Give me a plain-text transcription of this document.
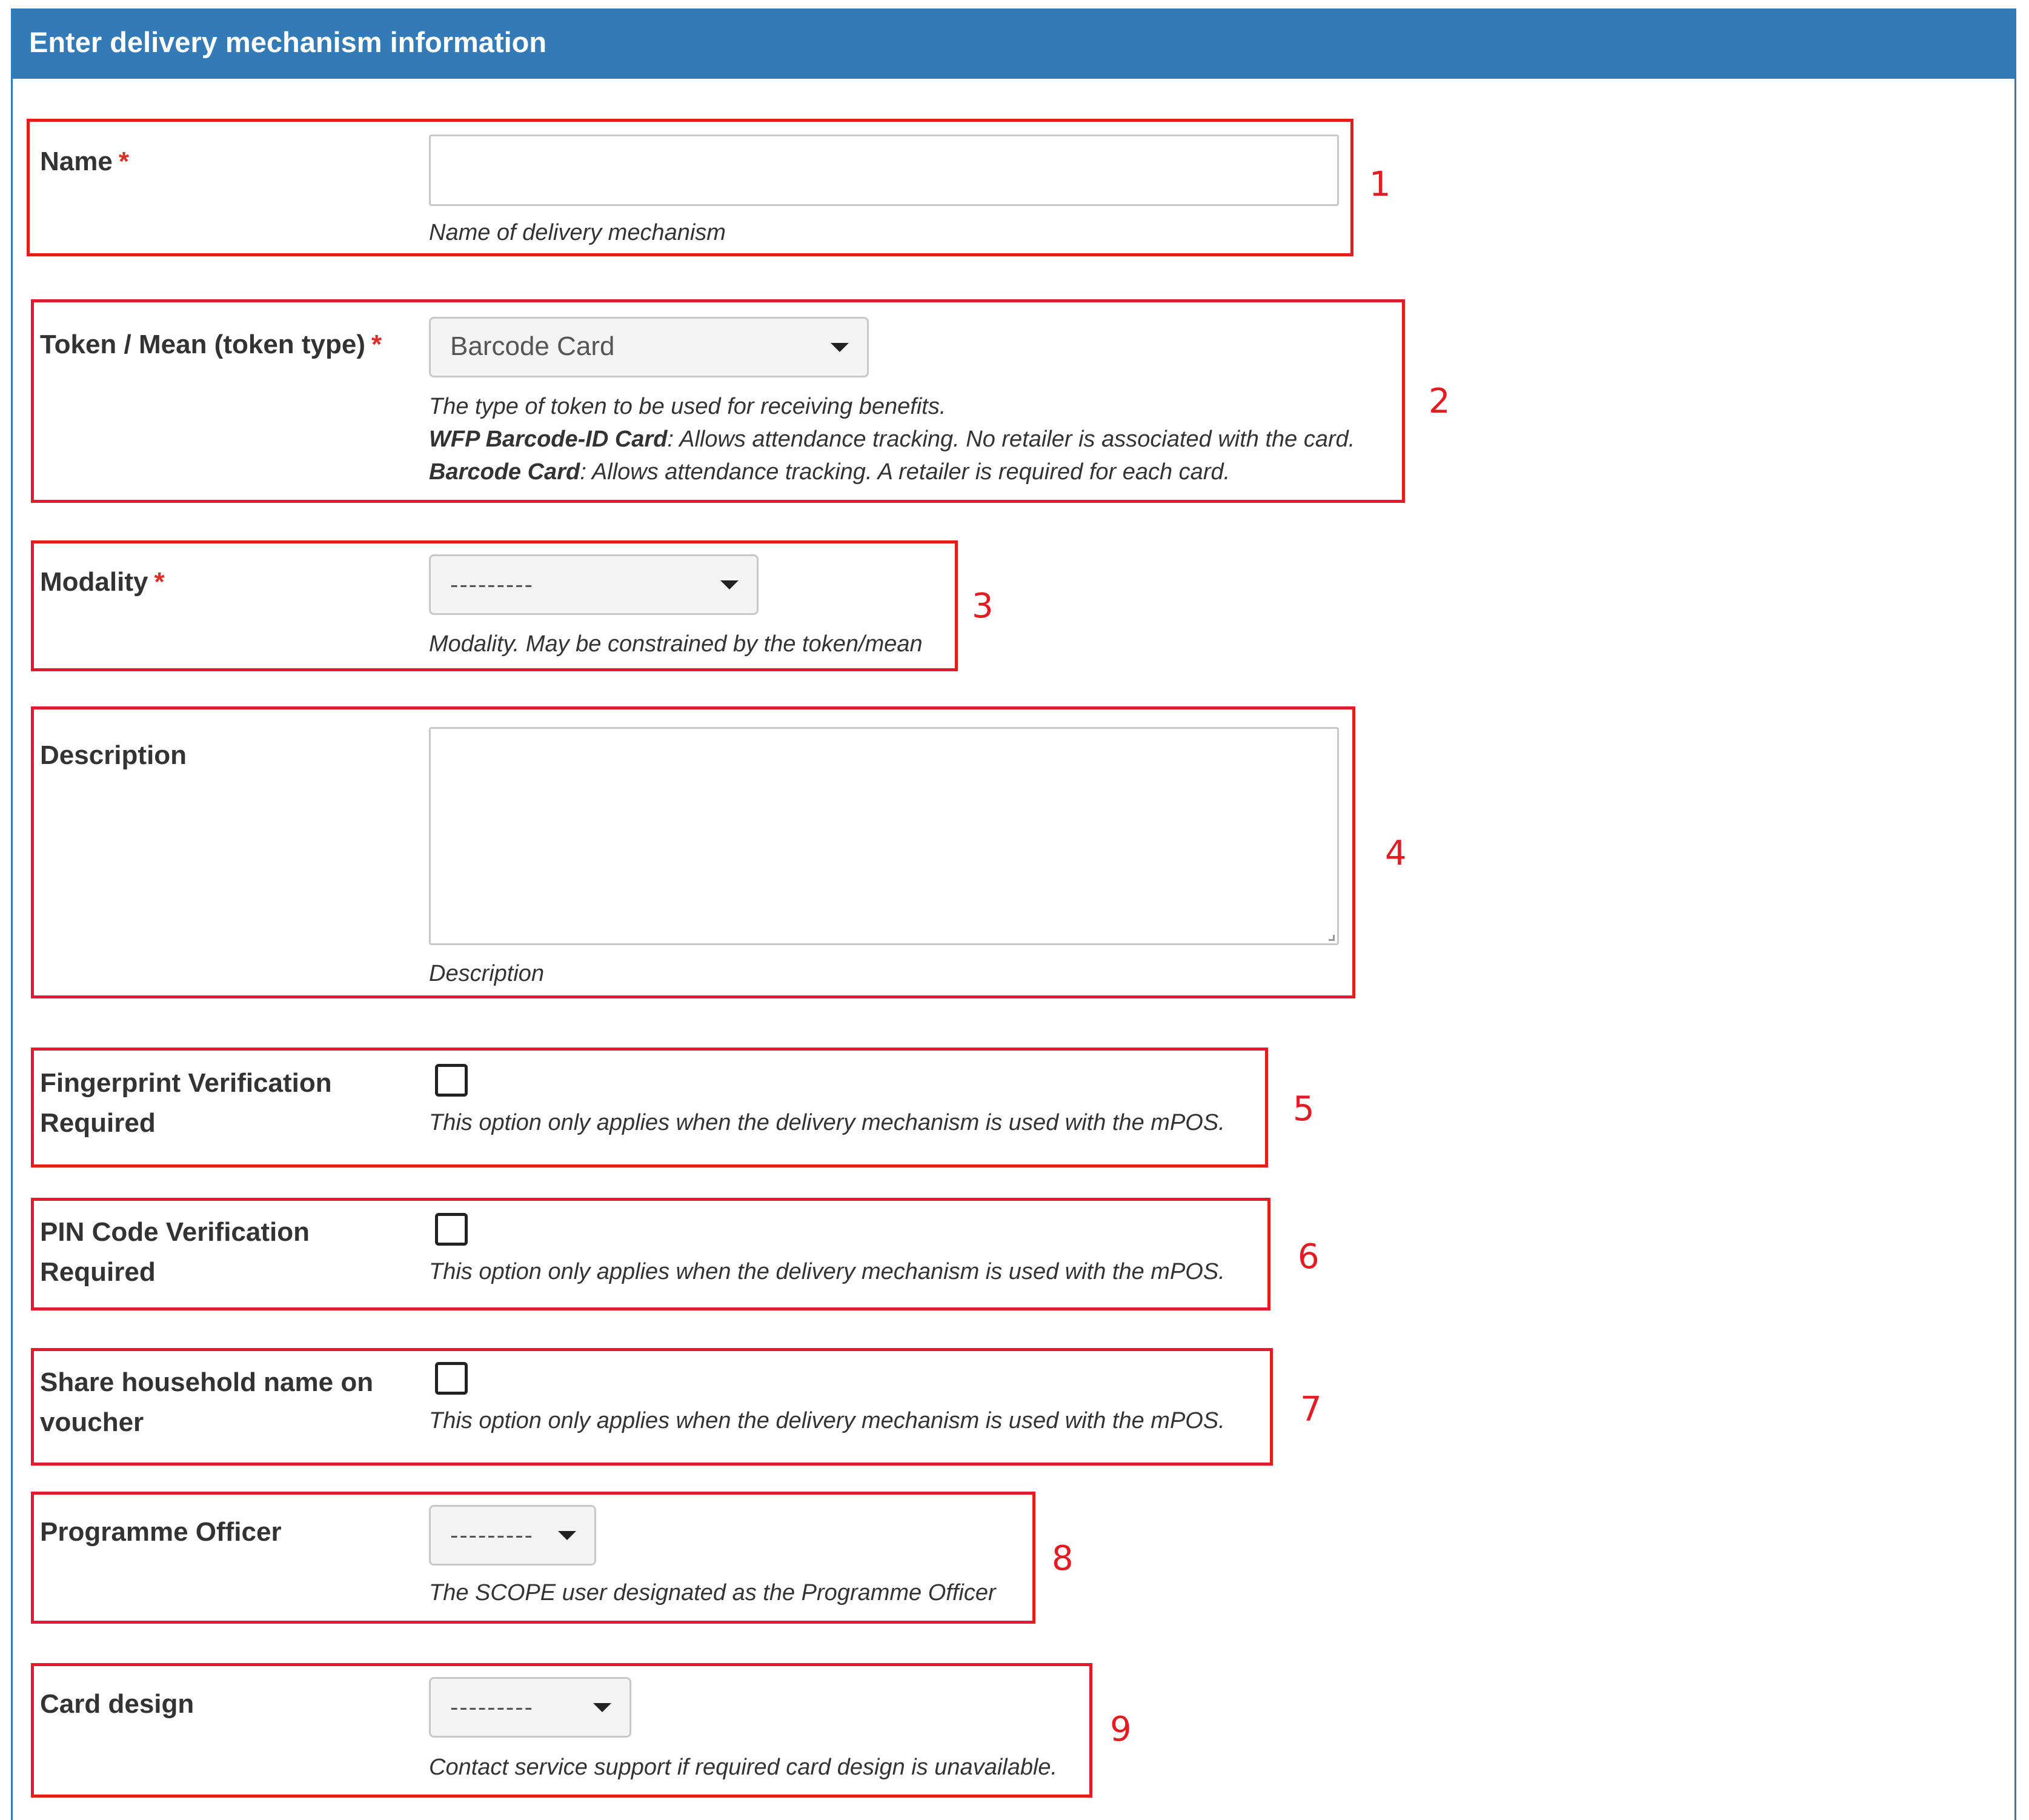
Enter delivery mechanism information
1

Name *

Name of delivery mechanism

2

Token / Mean (token type) *	Barcode Card

The type of token to be used for receiving benefits.

WFP Barcode-ID Card: Allows attendance tracking. No retailer is associated with the card.

Barcode Card: Allows attendance tracking. A retailer is required for each card.

3

Modality *	---------

Modality. May be constrained by the token/mean

4

Description

Description

5

Fingerprint Verification

Required	This option only applies when the delivery mechanism is used with the mPOS.

6

PIN Code Verification

Required	This option only applies when the delivery mechanism is used with the mPOS.

7

Share household name on

voucher	This option only applies when the delivery mechanism is used with the mPOS.

8

Programme Officer	---------

The SCOPE user designated as the Programme Officer

9

Card design	---------

Contact service support if required card design is unavailable.
